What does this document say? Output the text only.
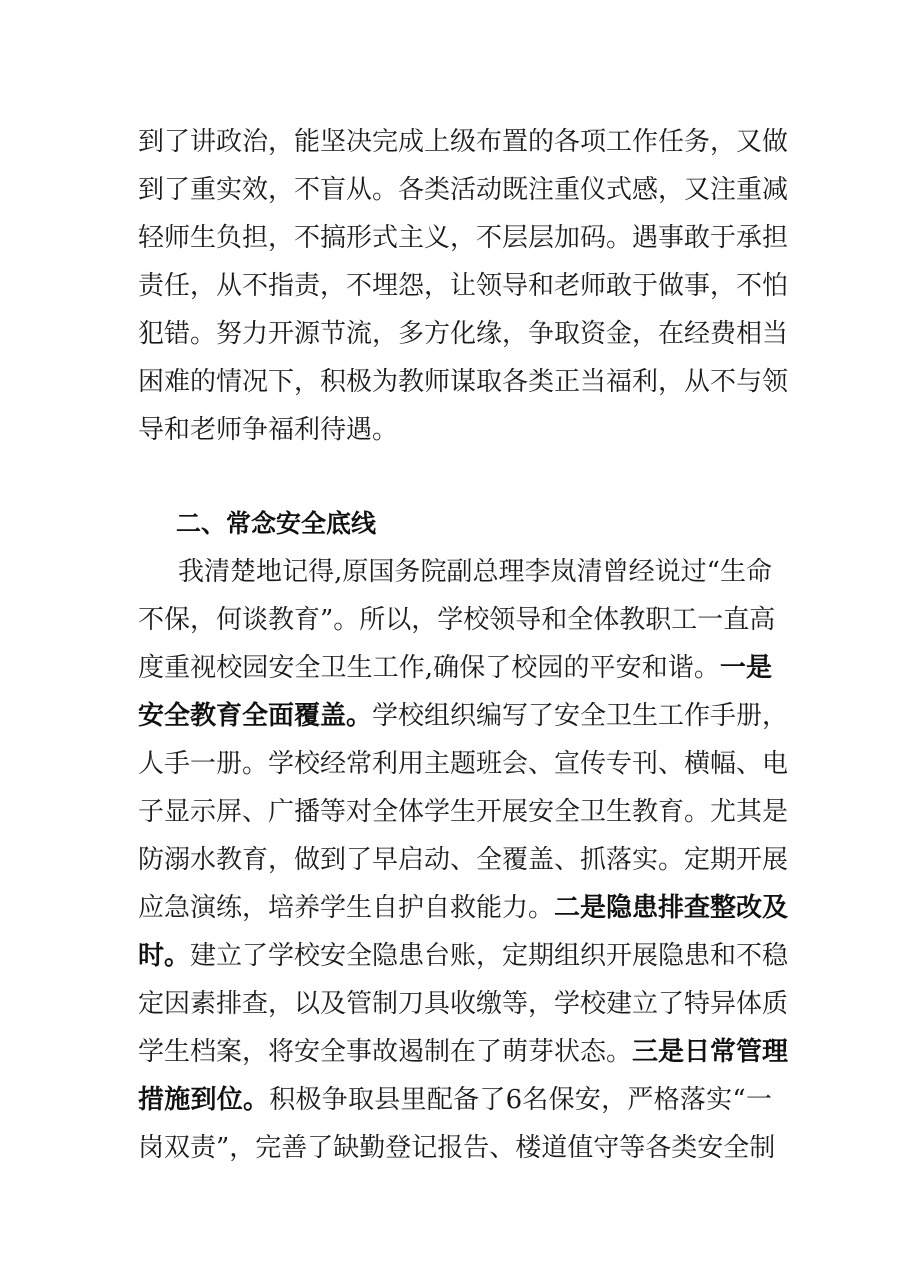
到了讲政治，能坚决完成上级布置的各项工作任务，又做
到了重实效，不盲从。各类活动既注重仪式感，又注重减
轻师生负担，不搞形式主义，不层层加码。遇事敢于承担
责任，从不指责，不埋怨，让领导和老师敢于做事，不怕
犯错。努力开源节流，多方化缘，争取资金，在经费相当
困难的情况下，积极为教师谋取各类正当福利，从不与领
导和老师争福利待遇。
二、常念安全底线
我清楚地记得,原国务院副总理李岚清曾经说过“生命
不保，何谈教育”。所以，学校领导和全体教职工一直高
度重视校园安全卫生工作,确保了校园的平安和谐。一是
安全教育全面覆盖。学校组织编写了安全卫生工作手册，
人手一册。学校经常利用主题班会、宣传专刊、横幅、电
子显示屏、广播等对全体学生开展安全卫生教育。尤其是
防溺水教育，做到了早启动、全覆盖、抓落实。定期开展
应急演练，培养学生自护自救能力。二是隐患排查整改及
时。建立了学校安全隐患台账，定期组织开展隐患和不稳
定因素排查，以及管制刀具收缴等，学校建立了特异体质
学生档案，将安全事故遏制在了萌芽状态。三是日常管理
措施到位。积极争取县里配备了6名保安，严格落实“一
岗双责”，完善了缺勤登记报告、楼道值守等各类安全制
